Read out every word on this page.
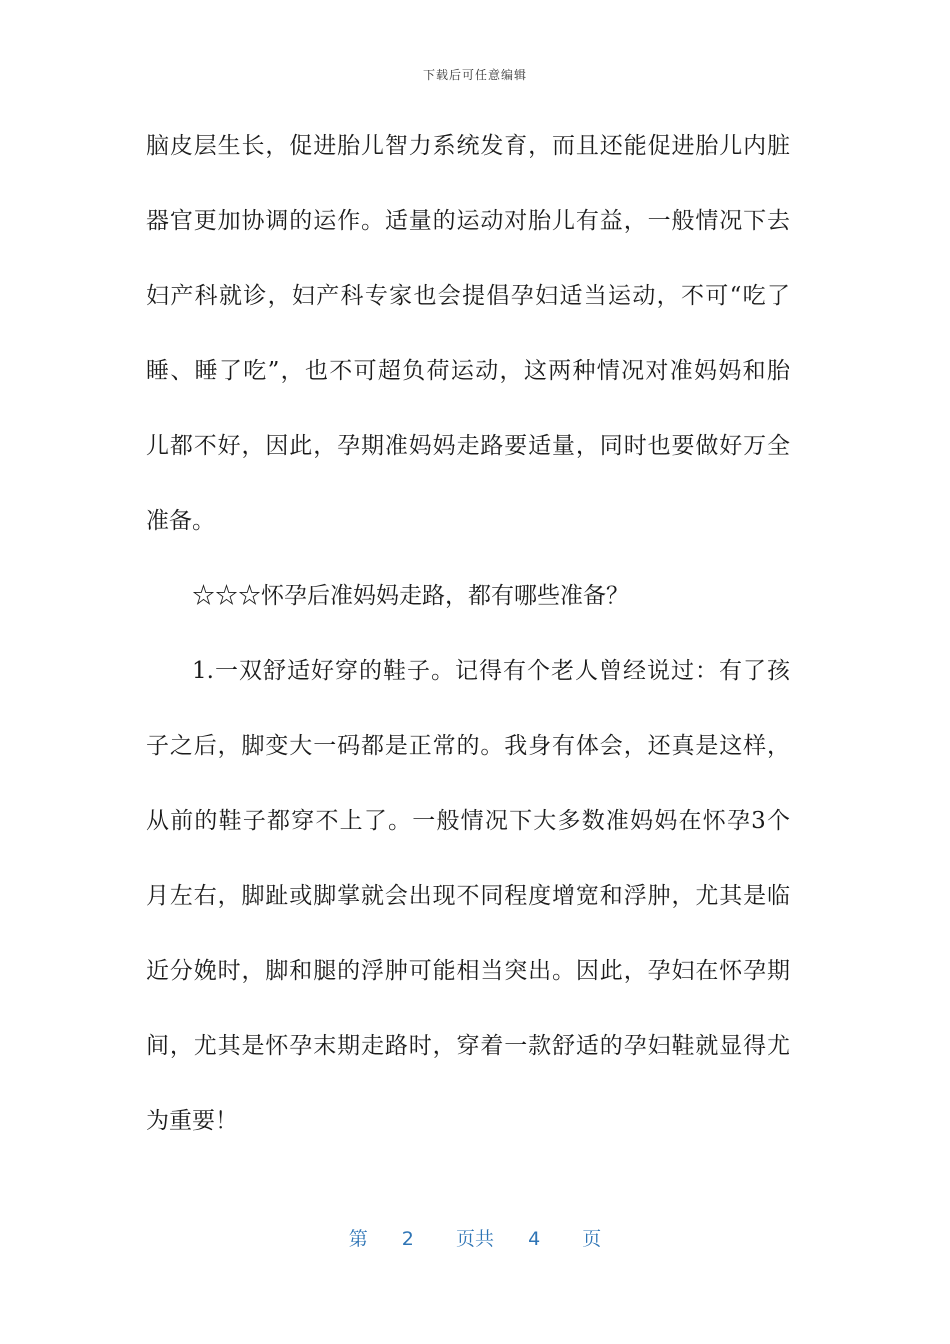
下载后可任意编辑
脑皮层生长，促进胎儿智力系统发育，而且还能促进胎儿内脏
器官更加协调的运作。适量的运动对胎儿有益，一般情况下去
妇产科就诊，妇产科专家也会提倡孕妇适当运动，不可“吃了
睡、睡了吃”，也不可超负荷运动，这两种情况对准妈妈和胎
儿都不好，因此，孕期准妈妈走路要适量，同时也要做好万全
准备。
☆☆☆怀孕后准妈妈走路，都有哪些准备？
1.一双舒适好穿的鞋子。记得有个老人曾经说过：有了孩
子之后，脚变大一码都是正常的。我身有体会，还真是这样，
从前的鞋子都穿不上了。一般情况下大多数准妈妈在怀孕3个
月左右，脚趾或脚掌就会出现不同程度增宽和浮肿，尤其是临
近分娩时，脚和腿的浮肿可能相当突出。因此，孕妇在怀孕期
间，尤其是怀孕末期走路时，穿着一款舒适的孕妇鞋就显得尤
为重要！
第 2 页共 4 页
